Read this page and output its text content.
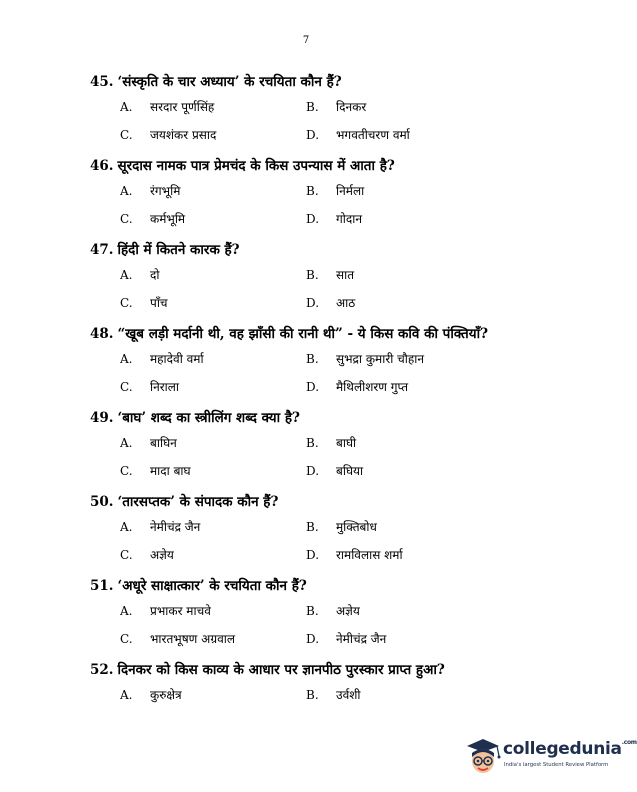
7
45. ‘संस्कृति के चार अध्याय’ के रचयिता कौन हैं?
A. सरदार पूर्णसिंह	B. दिनकर
C. जयशंकर प्रसाद	D. भगवतीचरण वर्मा
46. सूरदास नामक पात्र प्रेमचंद के किस उपन्यास में आता है?
A. रंगभूमि	B. निर्मला
C. कर्मभूमि	D. गोदान
47. हिंदी में कितने कारक हैं?
A. दो	B. सात
C. पाँच	D. आठ
48. “खूब लड़ी मर्दानी थी, वह झाँसी की रानी थी” - ये किस कवि की पंक्तियाँ?
A. महादेवी वर्मा	B. सुभद्रा कुमारी चौहान
C. निराला	D. मैथिलीशरण गुप्त
49. ‘बाघ’ शब्द का स्त्रीलिंग शब्द क्या है?
A. बाघिन	B. बाघी
C. मादा बाघ	D. बघिया
50. ‘तारसप्तक’ के संपादक कौन हैं?
A. नेमीचंद्र जैन	B. मुक्तिबोध
C. अज्ञेय	D. रामविलास शर्मा
51. ‘अधूरे साक्षात्कार’ के रचयिता कौन हैं?
A. प्रभाकर माचवे	B. अज्ञेय
C. भारतभूषण अग्रवाल	D. नेमीचंद्र जैन
52. दिनकर को किस काव्य के आधार पर ज्ञानपीठ पुरस्कार प्राप्त हुआ?
A. कुरुक्षेत्र	B. उर्वशी
collegedunia$^{.com}$
India's largest Student Review Platform
